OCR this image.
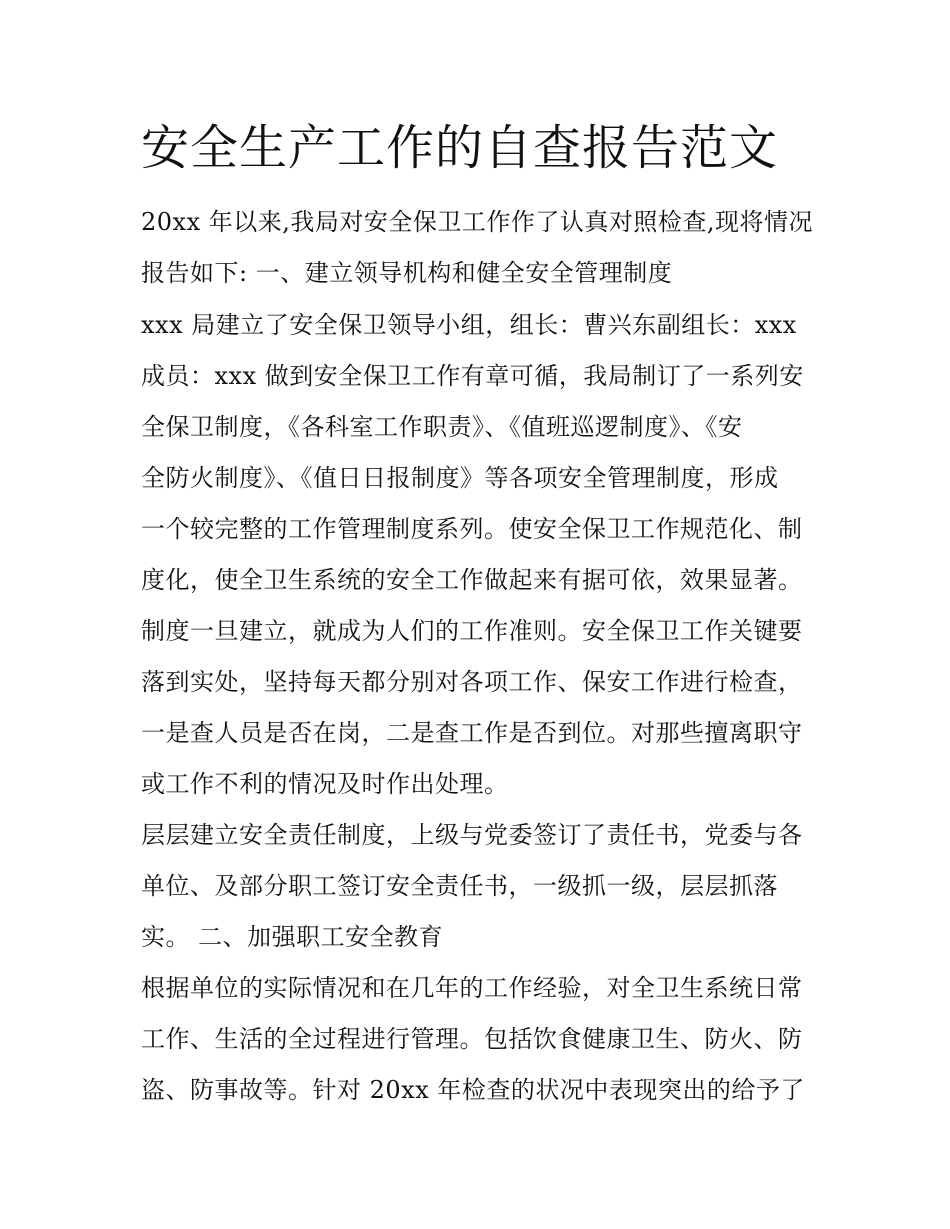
安全生产工作的自查报告范文
20xx 年以来,我局对安全保卫工作作了认真对照检查,现将情况
报告如下: 一、建立领导机构和健全安全管理制度
xxx 局建立了安全保卫领导小组，组长：曹兴东副组长：xxx
成员：xxx 做到安全保卫工作有章可循，我局制订了一系列安
全保卫制度，《各科室工作职责》、《值班巡逻制度》、《安
全防火制度》、《值日日报制度》等各项安全管理制度，形成
一个较完整的工作管理制度系列。使安全保卫工作规范化、制
度化，使全卫生系统的安全工作做起来有据可依，效果显著。
制度一旦建立，就成为人们的工作准则。安全保卫工作关键要
落到实处，坚持每天都分别对各项工作、保安工作进行检查，
一是查人员是否在岗，二是查工作是否到位。对那些擅离职守
或工作不利的情况及时作出处理。
层层建立安全责任制度，上级与党委签订了责任书，党委与各
单位、及部分职工签订安全责任书，一级抓一级，层层抓落
实。 二、加强职工安全教育
根据单位的实际情况和在几年的工作经验，对全卫生系统日常
工作、生活的全过程进行管理。包括饮食健康卫生、防火、防
盗、防事故等。针对 20xx 年检查的状况中表现突出的给予了
